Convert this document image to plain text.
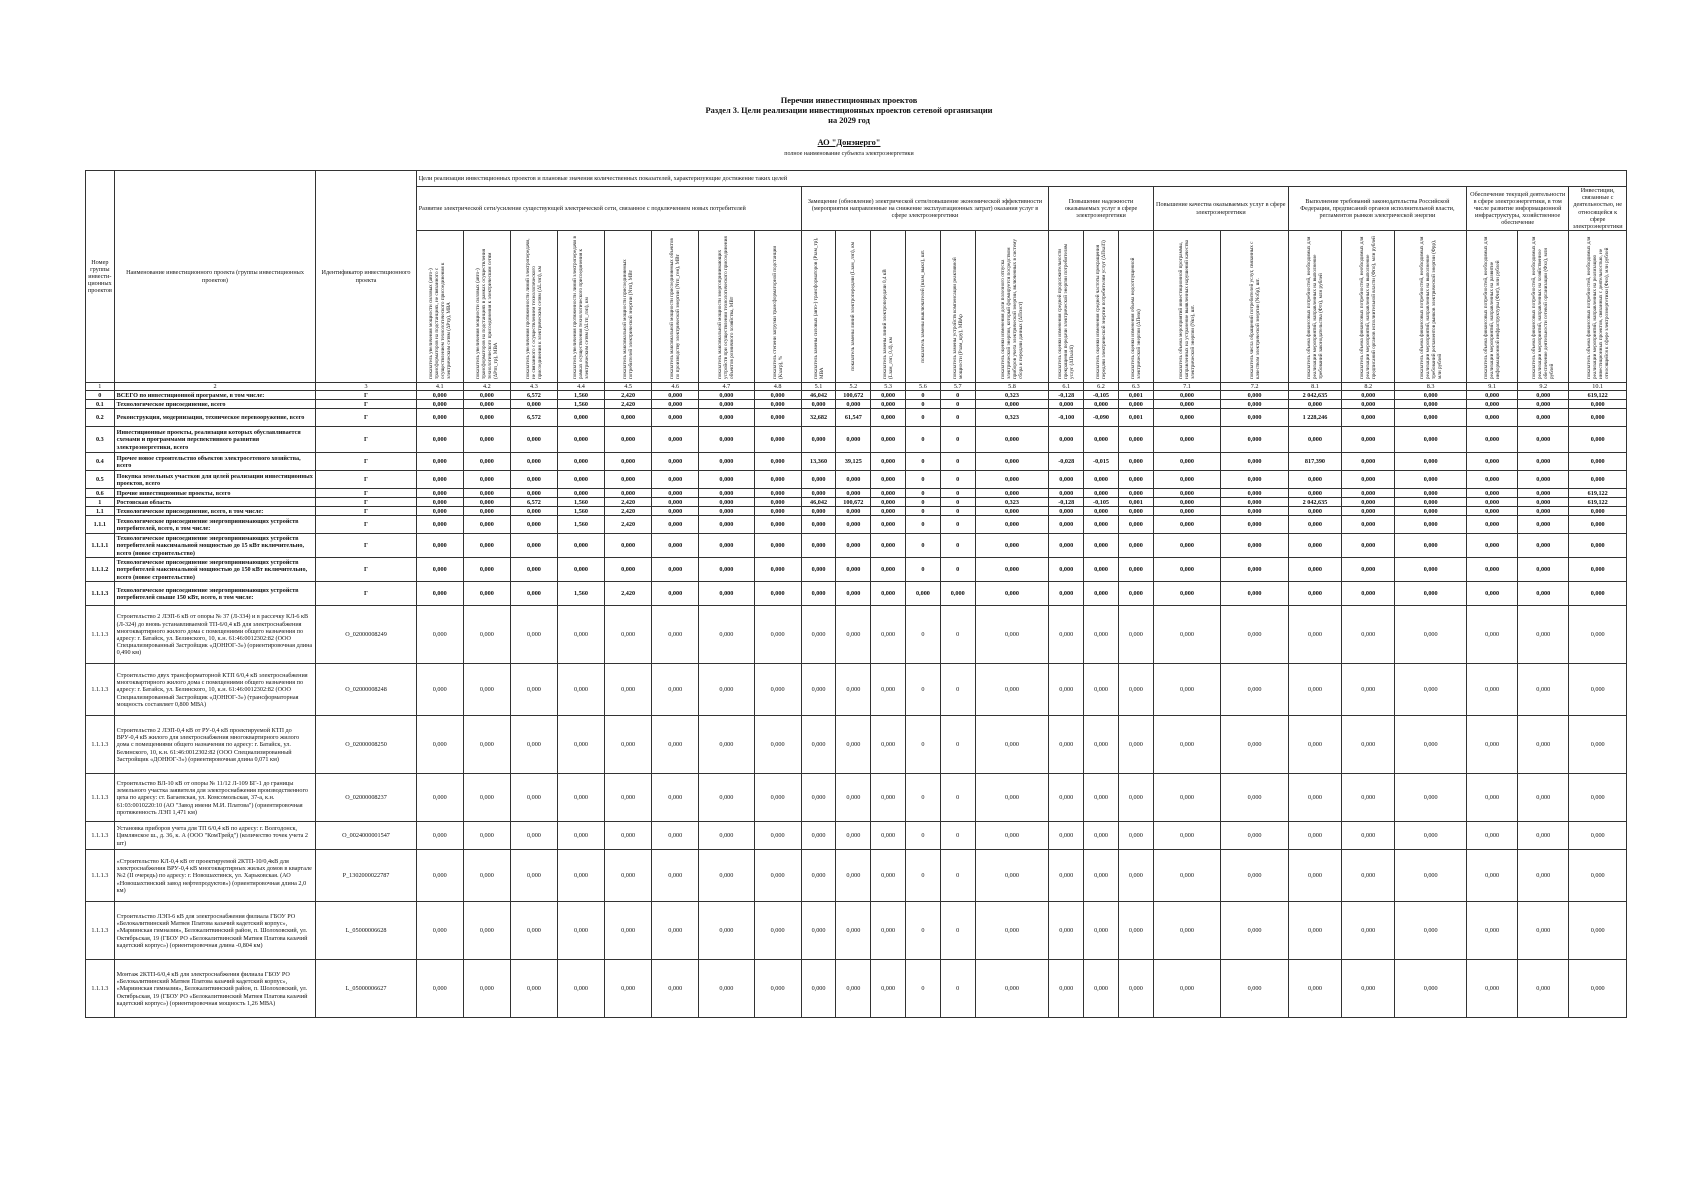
Перечни инвестиционных проектов
Раздел 3. Цели реализации инвестиционных проектов сетевой организации
на 2029 год
АО "Донэнерго"
полное наименование субъекта электроэнергетики
Номер группы инвести-ционных проектов	Наименование инвестиционного проекта (группы инвестиционных проектов)	Идентификатор инвестиционного проекта	Цели реализации инвестиционных проектов и плановые значения количественных показателей, характеризующие достижение таких целей																								
			Развитие электрической сети/усиление существующей электрической сети, связанное с подключением новых потребителей								Замещение (обновление) электрической сети/повышение экономической эффективности (мероприятия направленные на снижение эксплуатационных затрат) оказания услуг в сфере электроэнергетики						Повышение надежности оказываемых услуг в сфере электроэнергетики			Повышение качества оказываемых услуг в сфере электроэнергетики		Выполнение требований законодательства Российской Федерации, предписаний органов исполнительной власти, регламентов рынков электрической энергии			Обеспечение текущей деятельности в сфере электроэнергетики, в том числе развитие информационной инфраструктуры, хозяйственное обеспечение		Инвестиции, связанные с деятельностью, не относящейся к сфере электроэнергетики

			показатель увеличения мощности силовых (авто-) трансформаторов на подстанциях, не связанного с осуществлением технологического присоединения к электрическим сетям (ΔPтр), МВА	показатель увеличения мощности силовых (авто-) трансформаторов на подстанциях в рамках осуществления технологического присоединения к электрическим сетям (ΔPтп_тр), МВА	показатель увеличения протяженности линий электропередачи, не связанного с осуществлением технологического присоединения к электрическим сетям (ΔLлэп), км	показатель увеличения протяженности линий электропередачи в рамках осуществления технологического присоединения к электрическим сетям (ΔLтп_лэп), км	показатель максимальной мощности присоединяемых потребителей электрической энергии (Nтп), МВт	показатель максимальной мощности присоединяемых объектов по производству электрической энергии (Nтп_ген), МВт	показатель максимальной мощности энергопринимающих устройств при осуществлении технологического присоединения объектов розничного хозяйства, МВт	показатель степени загрузки трансформаторной подстанции (Kзагр), %	показатель замены силовых (авто-) трансформаторов (Pзам_тр), МВА	показатель замены линий электропередачи (Lзам_лэп), км	показатель замены линий электропередачи 0,4 кВ (Lзам_лэп_0,4), км	показатель замены выключателей (nзам_выкл), шт.	показатель замены устройств компенсации реактивной мощности (Pзам_кру), МВАр	показатель оценки изменения доли полезного отпуска электрической энергии, который формируется посредством приборов учета электрической энергии, включенных в систему сбора и передачи данных (ΔПсист)	показатель оценки изменения средней продолжительности прекращения передачи электрической энергии потребителям услуг (ΔПsaidi)	показатель оценки изменения средней частоты прекращения передачи электрической энергии потребителям услуг (ΔПsaifi)	показатель оценки изменения объема недоотпущенной электрической энергии (ΔПens)	показатель объема мероприятий инвестиционной программы, направленных на устранение выявленных нарушений качества электрической энергии (Nкэ), шт.	показатель числа обращений потребителей услуг, связанных с качеством электрической энергии (Nобр), шт.	показатель объема финансовых потребностей, необходимых для реализации мероприятий, направленных на выполнение требований законодательства (Фтз), млн рублей	показатель объема финансовых потребностей, необходимых для реализации мероприятий, направленных на выполнение предписаний органов исполнительной власти (Фпо), млн рублей	показатель объема финансовых потребностей, необходимых для реализации мероприятий, направленных на выполнение требований регламентов рынков электрической энергии (Фрр), млн рублей	показатель объема финансовых потребностей, необходимых для реализации мероприятий, направленных на развитие информационной инфраструктуры (Фит), млн рублей	показатель объема финансовых потребностей, необходимых для реализации мероприятий, направленных на хозяйственное обеспечение деятельности сетевой организации (Фхо), млн рублей	показатель объема финансовых потребностей, необходимых для реализации мероприятий, направленных на реализацию инвестиционных проектов, связанных с деятельностью, не относящейся к сфере электроэнергетики (Фнэ), млн рублей

1	2	3	4.1	4.2	4.3	4.4	4.5	4.6	4.7	4.8	5.1	5.2	5.3	5.6	5.7	5.8	6.1	6.2	6.3	7.1	7.2	8.1	8.2	8.3	9.1	9.2	10.1
0	ВСЕГО по инвестиционной программе, в том числе:	Г	0,000	0,000	6,572	1,560	2,420	0,000	0,000	0,000	46,042	100,672	0,000	0	0	0,323	-0,128	-0,105	0,001	0,000	0,000	2 042,635	0,000	0,000	0,000	0,000	619,122
0.1	Технологическое присоединение, всего	Г	0,000	0,000	0,000	1,560	2,420	0,000	0,000	0,000	0,000	0,000	0,000	0	0	0,000	0,000	0,000	0,000	0,000	0,000	0,000	0,000	0,000	0,000	0,000	0,000
0.2	Реконструкция, модернизация, техническое перевооружение, всего	Г	0,000	0,000	6,572	0,000	0,000	0,000	0,000	0,000	32,682	61,547	0,000	0	0	0,323	-0,100	-0,090	0,001	0,000	0,000	1 228,246	0,000	0,000	0,000	0,000	0,000
0.3	Инвестиционные проекты, реализация которых обуславливается схемами и программами перспективного развития электроэнергетики, всего	Г	0,000	0,000	0,000	0,000	0,000	0,000	0,000	0,000	0,000	0,000	0,000	0	0	0,000	0,000	0,000	0,000	0,000	0,000	0,000	0,000	0,000	0,000	0,000	0,000
0.4	Прочее новое строительство объектов электросетевого хозяйства, всего	Г	0,000	0,000	0,000	0,000	0,000	0,000	0,000	0,000	13,360	39,125	0,000	0	0	0,000	-0,028	-0,015	0,000	0,000	0,000	817,390	0,000	0,000	0,000	0,000	0,000
0.5	Покупка земельных участков для целей реализации инвестиционных проектов, всего	Г	0,000	0,000	0,000	0,000	0,000	0,000	0,000	0,000	0,000	0,000	0,000	0	0	0,000	0,000	0,000	0,000	0,000	0,000	0,000	0,000	0,000	0,000	0,000	0,000
0.6	Прочие инвестиционные проекты, всего	Г	0,000	0,000	0,000	0,000	0,000	0,000	0,000	0,000	0,000	0,000	0,000	0	0	0,000	0,000	0,000	0,000	0,000	0,000	0,000	0,000	0,000	0,000	0,000	619,122
1	Ростовская область	Г	0,000	0,000	6,572	1,560	2,420	0,000	0,000	0,000	46,042	100,672	0,000	0	0	0,323	-0,128	-0,105	0,001	0,000	0,000	2 042,635	0,000	0,000	0,000	0,000	619,122
1.1	Технологическое присоединение, всего, в том числе:	Г	0,000	0,000	0,000	1,560	2,420	0,000	0,000	0,000	0,000	0,000	0,000	0	0	0,000	0,000	0,000	0,000	0,000	0,000	0,000	0,000	0,000	0,000	0,000	0,000
1.1.1	Технологическое присоединение энергопринимающих устройств потребителей, всего, в том числе:	Г	0,000	0,000	0,000	1,560	2,420	0,000	0,000	0,000	0,000	0,000	0,000	0	0	0,000	0,000	0,000	0,000	0,000	0,000	0,000	0,000	0,000	0,000	0,000	0,000
1.1.1.1	Технологическое присоединение энергопринимающих устройств потребителей максимальной мощностью до 15 кВт включительно, всего (новое строительство)	Г	0,000	0,000	0,000	0,000	0,000	0,000	0,000	0,000	0,000	0,000	0,000	0	0	0,000	0,000	0,000	0,000	0,000	0,000	0,000	0,000	0,000	0,000	0,000	0,000
1.1.1.2	Технологическое присоединение энергопринимающих устройств потребителей максимальной мощностью до 150 кВт включительно, всего (новое строительство)	Г	0,000	0,000	0,000	0,000	0,000	0,000	0,000	0,000	0,000	0,000	0,000	0	0	0,000	0,000	0,000	0,000	0,000	0,000	0,000	0,000	0,000	0,000	0,000	0,000
1.1.1.3	Технологическое присоединение энергопринимающих устройств потребителей свыше 150 кВт, всего, в том числе:	Г	0,000	0,000	0,000	1,560	2,420	0,000	0,000	0,000	0,000	0,000	0,000	0,000	0,000	0,000	0,000	0,000	0,000	0,000	0,000	0,000	0,000	0,000	0,000	0,000	0,000
1.1.1.3	Строительство 2 ЛЭП-6 кВ от опоры № 37 (Л-334) и в рассечку КЛ-6 кВ (Л-324) до вновь устанавливаемой ТП-6/0,4 кВ для электроснабжения многоквартирного жилого дома с помещениями общего назначения по адресу: г. Батайск, ул. Белинского, 10, к.н. 61:46:0012302:82 (ООО Специализированный Застройщик «ДОНЮГ-3») (ориентировочная длина 0,490 км)	О_02000008249	0,000	0,000	0,000	0,000	0,000	0,000	0,000	0,000	0,000	0,000	0,000	0	0	0,000	0,000	0,000	0,000	0,000	0,000	0,000	0,000	0,000	0,000	0,000	0,000
1.1.1.3	Строительство двух трансформаторной КТП 6/0,4 кВ электроснабжения многоквартирного жилого дома с помещениями общего назначения по адресу: г. Батайск, ул. Белинского, 10, к.н. 61:46:0012302:82 (ООО Специализированный Застройщик «ДОНЮГ-3») (трансформаторная мощность составляет 0,800 МВА)	О_02000008248	0,000	0,000	0,000	0,000	0,000	0,000	0,000	0,000	0,000	0,000	0,000	0	0	0,000	0,000	0,000	0,000	0,000	0,000	0,000	0,000	0,000	0,000	0,000	0,000
1.1.1.3	Строительство 2 ЛЭП-0,4 кВ от РУ-0,4 кВ проектируемой КТП до ВРУ-0,4 кВ жилого для электроснабжения многоквартирного жилого дома с помещениями общего назначения по адресу: г. Батайск, ул. Белинского, 10, к.н. 61:46:0012302:82 (ООО Специализированный Застройщик «ДОНЮГ-3») (ориентировочная длина 0,071 км)	О_02000008250	0,000	0,000	0,000	0,000	0,000	0,000	0,000	0,000	0,000	0,000	0,000	0	0	0,000	0,000	0,000	0,000	0,000	0,000	0,000	0,000	0,000	0,000	0,000	0,000
1.1.1.3	Строительство ВЛ-10 кВ от опоры № 11/12 Л-109 БГ-1 до границы земельного участка заявителя для электроснабжения производственного цеха по адресу: ст. Багаевская, ул. Комсомольская, 37-а, к.н. 61:03:0010220:10 (АО "Завод имени М.И. Платова") (ориентировочная протяженность ЛЭП 1,471 км)	О_02000008237	0,000	0,000	0,000	0,000	0,000	0,000	0,000	0,000	0,000	0,000	0,000	0	0	0,000	0,000	0,000	0,000	0,000	0,000	0,000	0,000	0,000	0,000	0,000	0,000
1.1.1.3	Установка приборов учета для ТП 6/0,4 кВ по адресу: г. Волгодонск, Цимлянское ш., д. 36, к. А (ООО "КомТрейд") (количество точек учета 2 шт)	О_0024000001547	0,000	0,000	0,000	0,000	0,000	0,000	0,000	0,000	0,000	0,000	0,000	0	0	0,000	0,000	0,000	0,000	0,000	0,000	0,000	0,000	0,000	0,000	0,000	0,000
1.1.1.3	«Строительство КЛ-0,4 кВ от проектируемой 2КТП-10/0,4кВ для электроснабжения ВРУ-0,4 кВ многоквартирных жилых домов в квартале №2 (II очередь) по адресу: г. Новошахтинск, ул. Харьковская. (АО «Новошахтинский завод нефтепродуктов») (ориентировочная длина 2,0 км)	Р_1302000022787	0,000	0,000	0,000	0,000	0,000	0,000	0,000	0,000	0,000	0,000	0,000	0	0	0,000	0,000	0,000	0,000	0,000	0,000	0,000	0,000	0,000	0,000	0,000	0,000
1.1.1.3	Строительство ЛЭП-6 кВ для электроснабжения филиала ГБОУ РО «Белокалитвинский Матвея Платова казачий кадетский корпус», «Мариинская гимназия», Белокалитвинский район, п. Шолоховский, ул. Октябрьская, 19 (ГБОУ РО «Белокалитвинский Матвея Платова казачий кадетский корпус») (ориентировочная длина -0,804 км)	L_05000006628	0,000	0,000	0,000	0,000	0,000	0,000	0,000	0,000	0,000	0,000	0,000	0	0	0,000	0,000	0,000	0,000	0,000	0,000	0,000	0,000	0,000	0,000	0,000	0,000
1.1.1.3	Монтаж 2КТП-6/0,4 кВ для электроснабжения филиала ГБОУ РО «Белокалитвинский Матвея Платова казачий кадетский корпус», «Мариинская гимназия», Белокалитвинский район, п. Шолоховский, ул. Октябрьская, 19 (ГБОУ РО «Белокалитвинский Матвея Платова казачий кадетский корпус») (ориентировочная мощность 1,26 МВА)	L_05000006627	0,000	0,000	0,000	0,000	0,000	0,000	0,000	0,000	0,000	0,000	0,000	0	0	0,000	0,000	0,000	0,000	0,000	0,000	0,000	0,000	0,000	0,000	0,000	0,000
